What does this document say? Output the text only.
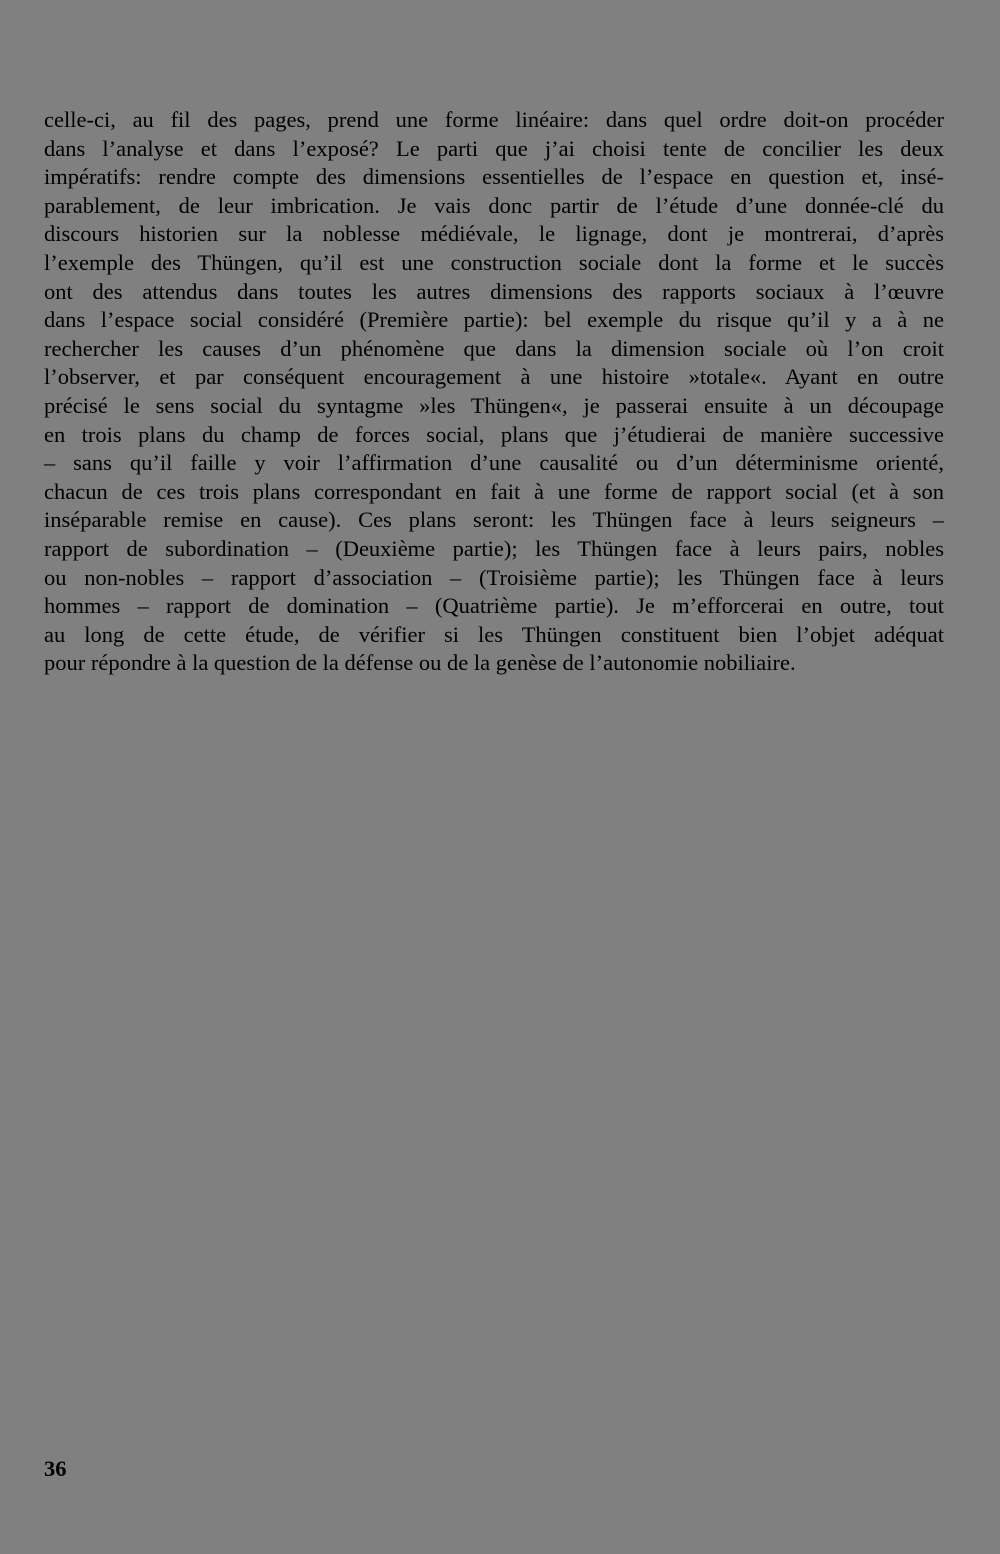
celle-ci, au fil des pages, prend une forme linéaire: dans quel ordre doit-on procéder
dans l’analyse et dans l’exposé? Le parti que j’ai choisi tente de concilier les deux
impératifs: rendre compte des dimensions essentielles de l’espace en question et, insé-
parablement, de leur imbrication. Je vais donc partir de l’étude d’une donnée-clé du
discours historien sur la noblesse médiévale, le lignage, dont je montrerai, d’après
l’exemple des Thüngen, qu’il est une construction sociale dont la forme et le succès
ont des attendus dans toutes les autres dimensions des rapports sociaux à l’œuvre
dans l’espace social considéré (Première partie): bel exemple du risque qu’il y a à ne
rechercher les causes d’un phénomène que dans la dimension sociale où l’on croit
l’observer, et par conséquent encouragement à une histoire »totale«. Ayant en outre
précisé le sens social du syntagme »les Thüngen«, je passerai ensuite à un découpage
en trois plans du champ de forces social, plans que j’étudierai de manière successive
– sans qu’il faille y voir l’affirmation d’une causalité ou d’un déterminisme orienté,
chacun de ces trois plans correspondant en fait à une forme de rapport social (et à son
inséparable remise en cause). Ces plans seront: les Thüngen face à leurs seigneurs –
rapport de subordination – (Deuxième partie); les Thüngen face à leurs pairs, nobles
ou non-nobles – rapport d’association – (Troisième partie); les Thüngen face à leurs
hommes – rapport de domination – (Quatrième partie). Je m’efforcerai en outre, tout
au long de cette étude, de vérifier si les Thüngen constituent bien l’objet adéquat
pour répondre à la question de la défense ou de la genèse de l’autonomie nobiliaire.

36
